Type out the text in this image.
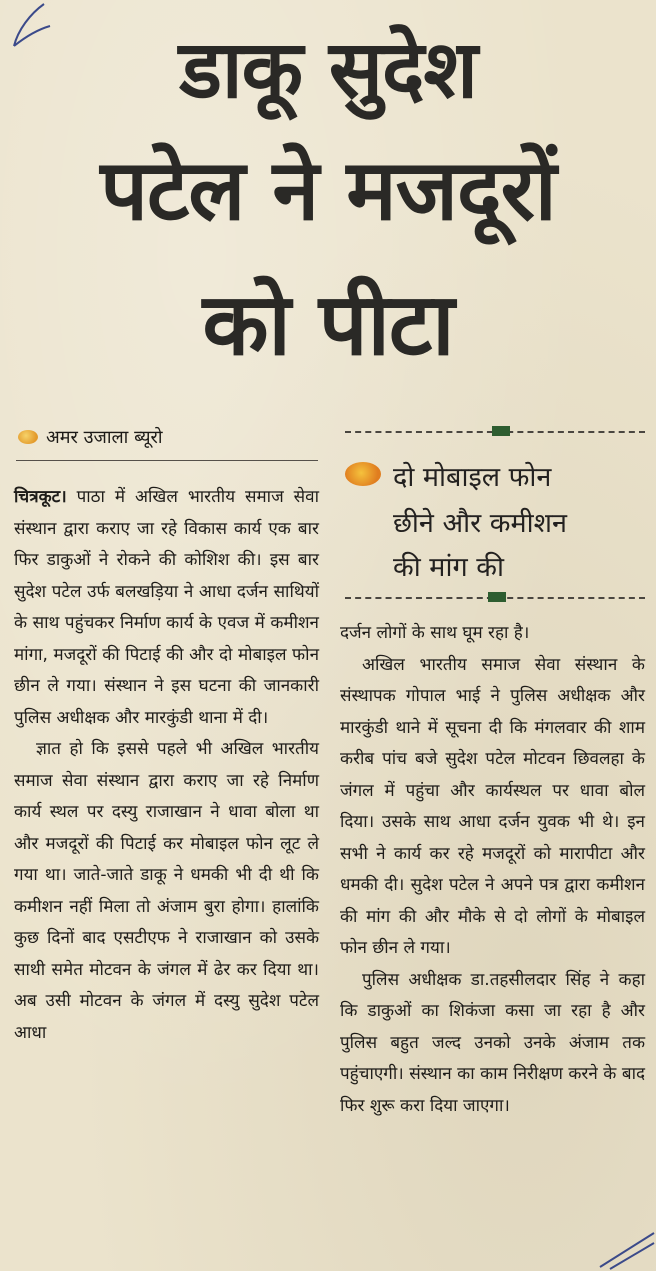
डाकू सुदेश
पटेल ने मजदूरों
को पीटा
अमर उजाला ब्यूरो
दो मोबाइल फोन
छीने और कमीशन
की मांग की

चित्रकूट। पाठा में अखिल भारतीय समाज सेवा संस्थान द्वारा कराए जा रहे विकास कार्य एक बार फिर डाकुओं ने रोकने की कोशिश की। इस बार सुदेश पटेल उर्फ बलखड़िया ने आधा दर्जन साथियों के साथ पहुंचकर निर्माण कार्य के एवज में कमीशन मांगा, मजदूरों की पिटाई की और दो मोबाइल फोन छीन ले गया। संस्थान ने इस घटना की जानकारी पुलिस अधीक्षक और मारकुंडी थाना में दी।

ज्ञात हो कि इससे पहले भी अखिल भारतीय समाज सेवा संस्थान द्वारा कराए जा रहे निर्माण कार्य स्थल पर दस्यु राजाखान ने धावा बोला था और मजदूरों की पिटाई कर मोबाइल फोन लूट ले गया था। जाते-जाते डाकू ने धमकी भी दी थी कि कमीशन नहीं मिला तो अंजाम बुरा होगा। हालांकि कुछ दिनों बाद एसटीएफ ने राजाखान को उसके साथी समेत मोटवन के जंगल में ढेर कर दिया था। अब उसी मोटवन के जंगल में दस्यु सुदेश पटेल आधा

दर्जन लोगों के साथ घूम रहा है।

अखिल भारतीय समाज सेवा संस्थान के संस्थापक गोपाल भाई ने पुलिस अधीक्षक और मारकुंडी थाने में सूचना दी कि मंगलवार की शाम करीब पांच बजे सुदेश पटेल मोटवन छिवलहा के जंगल में पहुंचा और कार्यस्थल पर धावा बोल दिया। उसके साथ आधा दर्जन युवक भी थे। इन सभी ने कार्य कर रहे मजदूरों को मारापीटा और धमकी दी। सुदेश पटेल ने अपने पत्र द्वारा कमीशन की मांग की और मौके से दो लोगों के मोबाइल फोन छीन ले गया।

पुलिस अधीक्षक डा.तहसीलदार सिंह ने कहा कि डाकुओं का शिकंजा कसा जा रहा है और पुलिस बहुत जल्द उनको उनके अंजाम तक पहुंचाएगी। संस्थान का काम निरीक्षण करने के बाद फिर शुरू करा दिया जाएगा।
